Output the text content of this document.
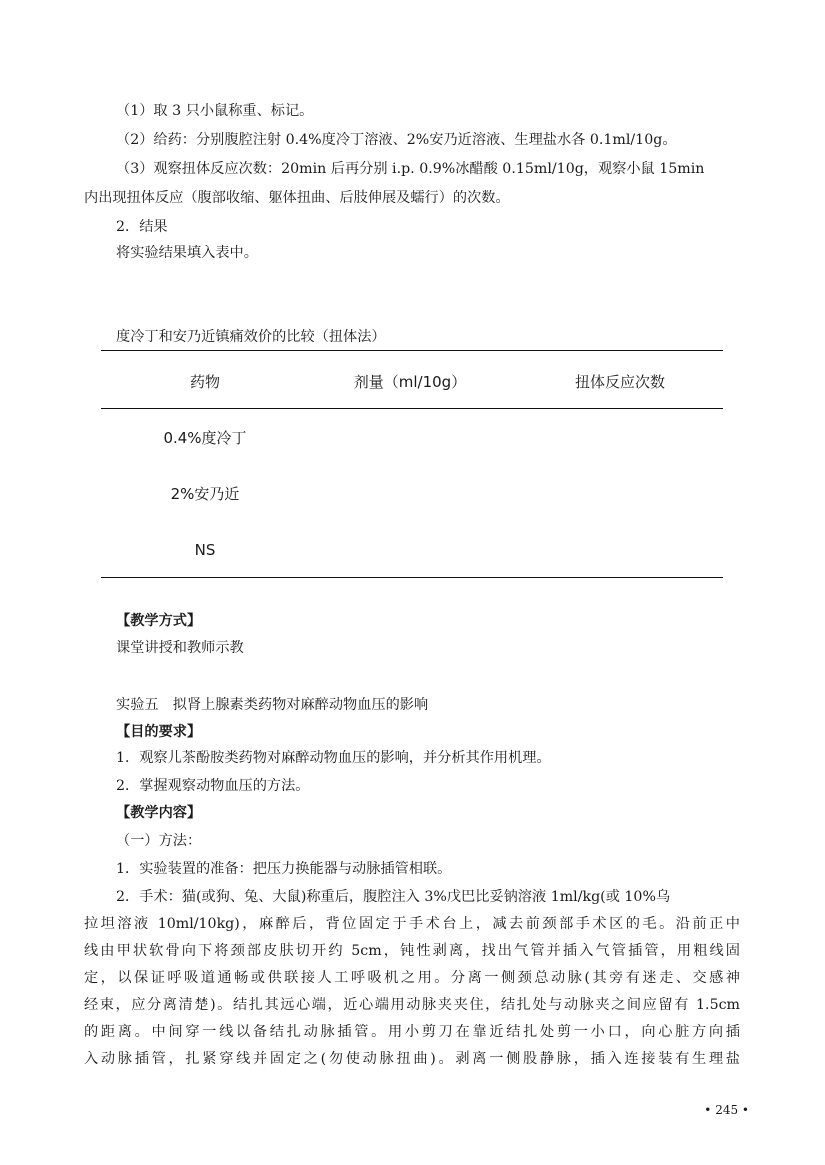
（1）取 3 只小鼠称重、标记。
（2）给药：分别腹腔注射 0.4%度冷丁溶液、2%安乃近溶液、生理盐水各 0.1ml/10g。
（3）观察扭体反应次数：20min 后再分别 i.p. 0.9%冰醋酸 0.15ml/10g，观察小鼠 15min
内出现扭体反应（腹部收缩、躯体扭曲、后肢伸展及蠕行）的次数。
2．结果
将实验结果填入表中。
度冷丁和安乃近镇痛效价的比较（扭体法）
药物	剂量（ml/10g）	扭体反应次数
0.4%度冷丁
2%安乃近
NS
【教学方式】
课堂讲授和教师示教
实验五　拟肾上腺素类药物对麻醉动物血压的影响
【目的要求】
1．观察儿茶酚胺类药物对麻醉动物血压的影响，并分析其作用机理。
2．掌握观察动物血压的方法。
【教学内容】
（一）方法：
1．实验装置的准备：把压力换能器与动脉插管相联。
2．手术：猫(或狗、兔、大鼠)称重后，腹腔注入 3%戊巴比妥钠溶液 1ml/kg(或 10%乌
拉坦溶液 10ml/10kg)，麻醉后，背位固定于手术台上，减去前颈部手术区的毛。沿前正中
线由甲状软骨向下将颈部皮肤切开约 5cm，钝性剥离，找出气管并插入气管插管，用粗线固
定，以保证呼吸道通畅或供联接人工呼吸机之用。分离一侧颈总动脉(其旁有迷走、交感神
经束，应分离清楚)。结扎其远心端，近心端用动脉夹夹住，结扎处与动脉夹之间应留有 1.5cm
的距离。中间穿一线以备结扎动脉插管。用小剪刀在靠近结扎处剪一小口，向心脏方向插
入动脉插管，扎紧穿线并固定之(勿使动脉扭曲)。剥离一侧股静脉，插入连接装有生理盐
• 245 •
